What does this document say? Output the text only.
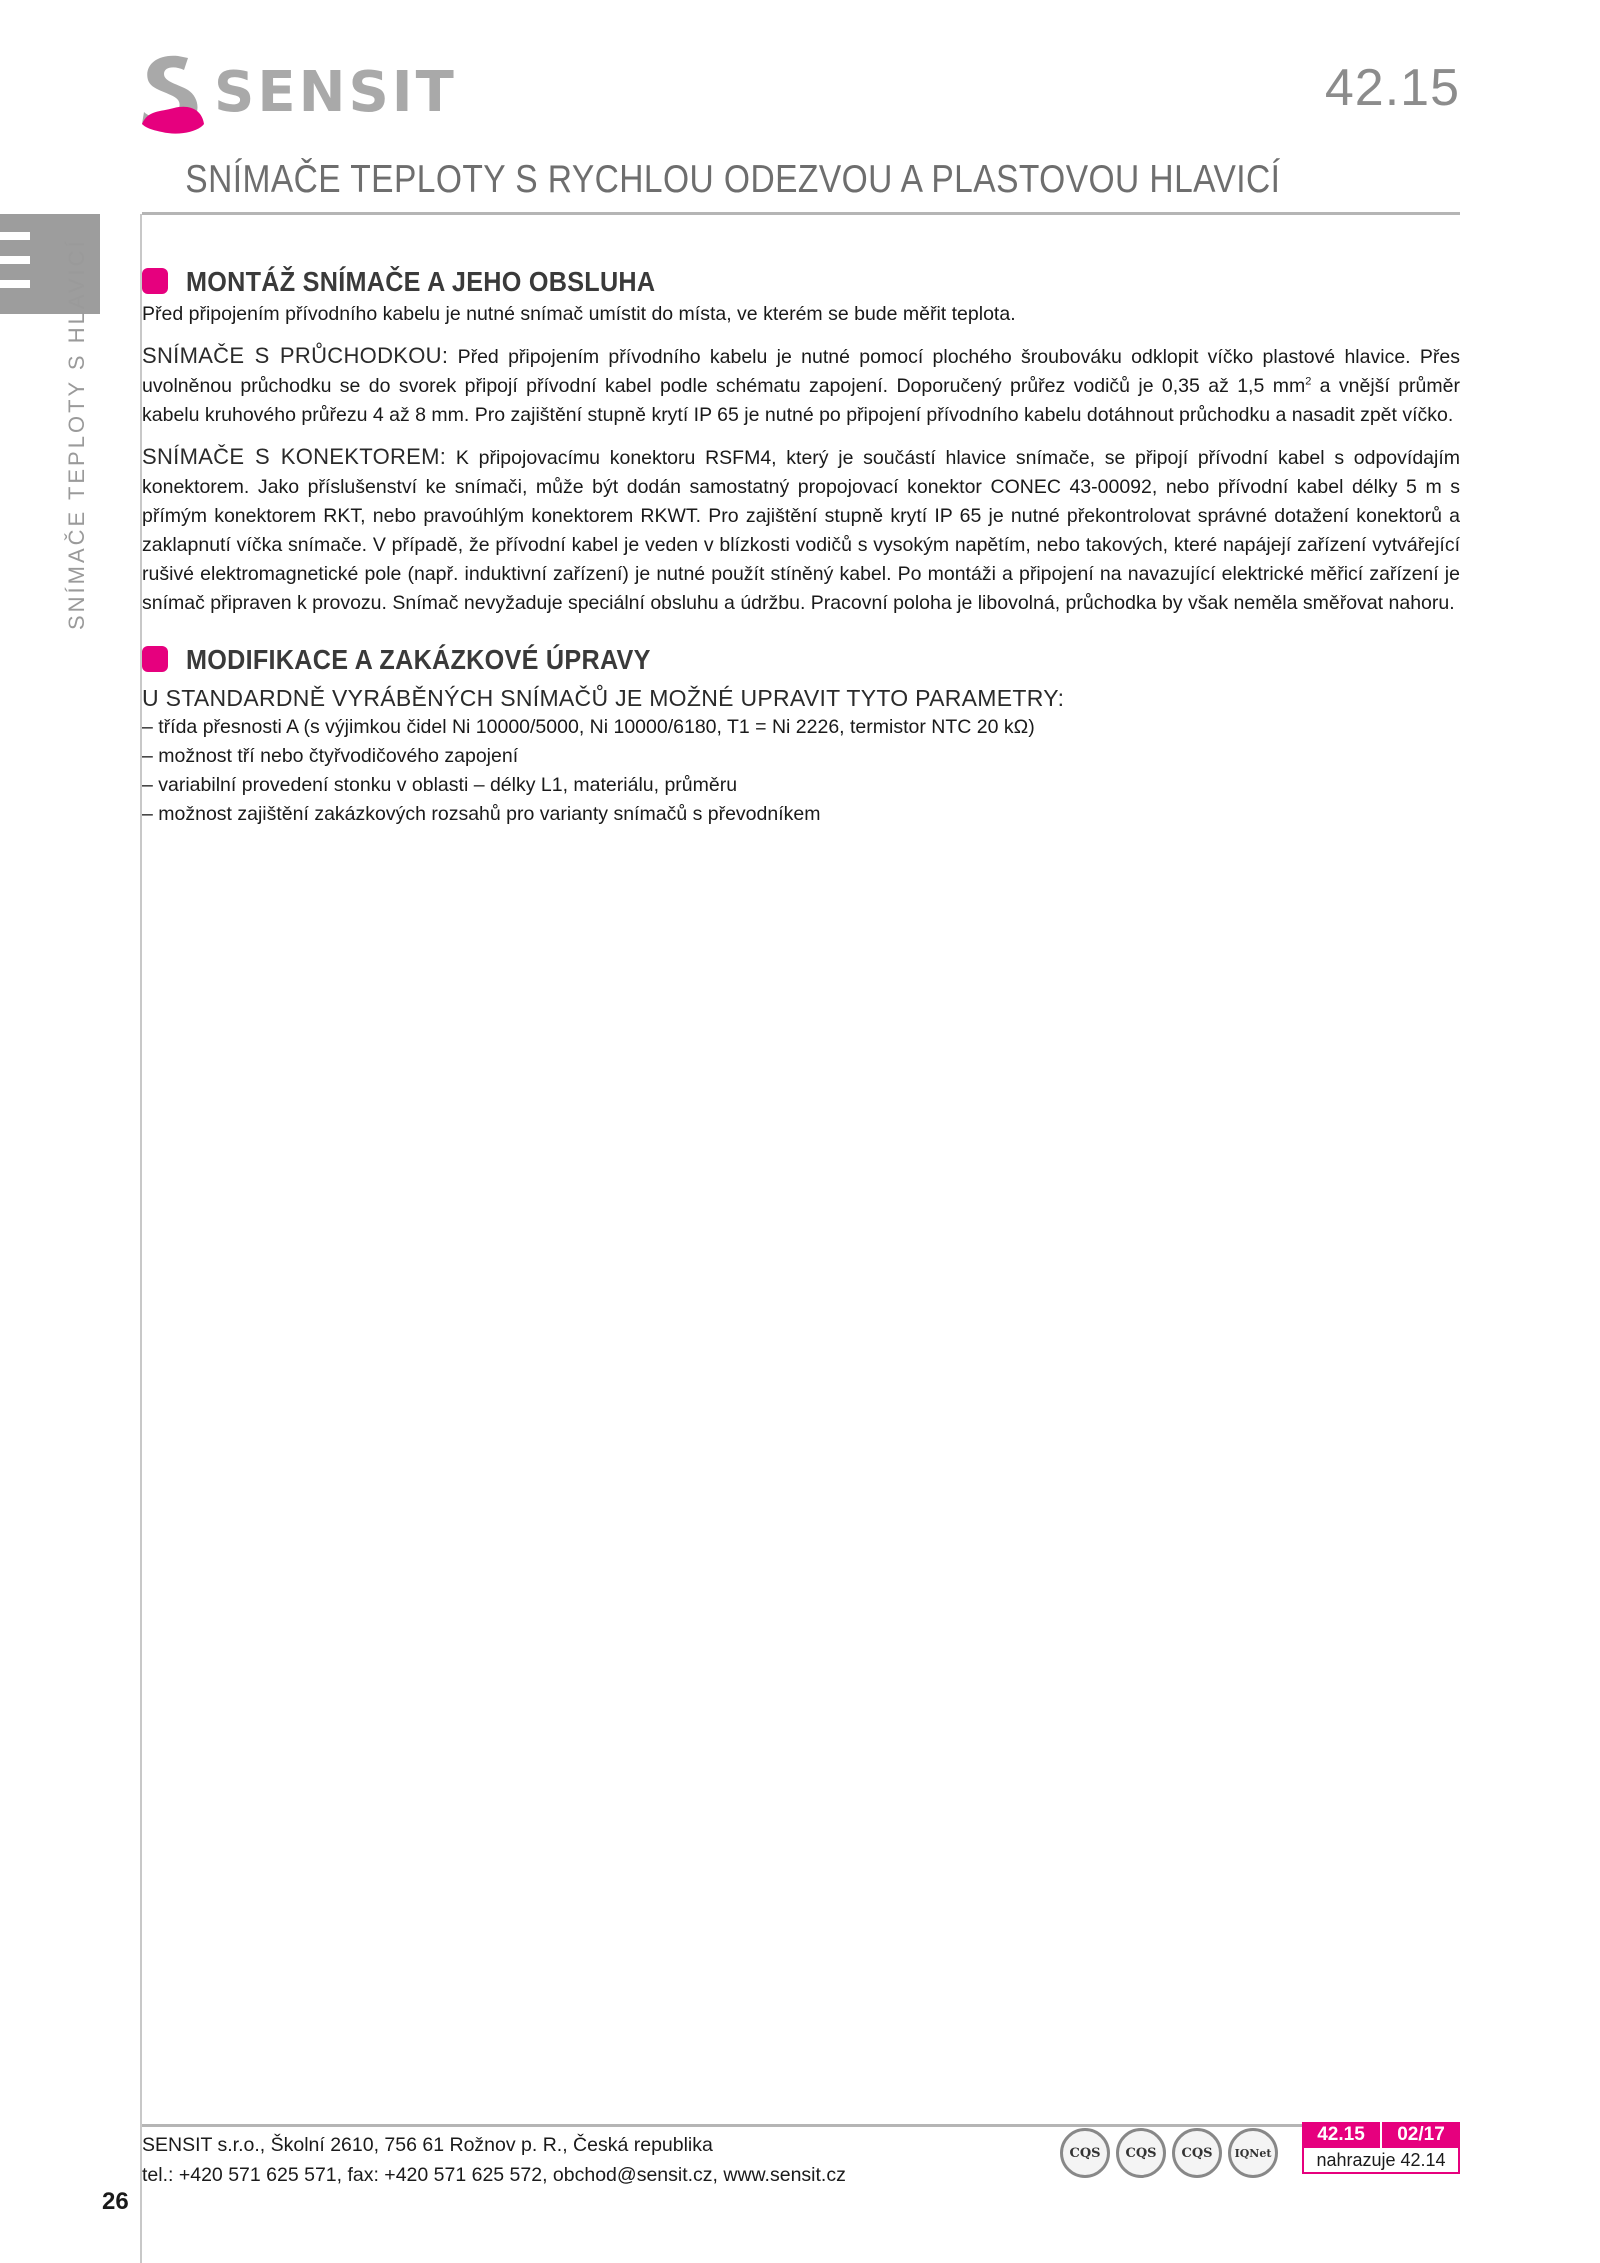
SENSIT	42.15
SNÍMAČE TEPLOTY S RYCHLOU ODEZVOU A PLASTOVOU HLAVICÍ
SNÍMAČE TEPLOTY S HLAVICÍ	MONTÁŽ SNÍMAČE A JEHO OBSLUHA

Před připojením přívodního kabelu je nutné snímač umístit do místa, ve kterém se bude měřit teplota.

SNÍMAČE S PRŮCHODKOU: Před připojením přívodního kabelu je nutné pomocí plochého šroubováku odklopit víčko plastové hlavice. Přes uvolněnou průchodku se do svorek připojí přívodní kabel podle schématu zapojení. Doporučený průřez vodičů je 0,35 až 1,5 $mm^2$ a vnější průměr kabelu kruhového průřezu 4 až 8 mm. Pro zajištění stupně krytí IP 65 je nutné po připojení přívodního kabelu dotáhnout průchodku a nasadit zpět víčko.

SNÍMAČE S KONEKTOREM: K připojovacímu konektoru RSFM4, který je součástí hlavice snímače, se připojí přívodní kabel s odpovídajím konektorem. Jako příslušenství ke snímači, může být dodán samostatný propojovací konektor CONEC 43-00092, nebo přívodní kabel délky 5 m s přímým konektorem RKT, nebo pravoúhlým konektorem RKWT. Pro zajištění stupně krytí IP 65 je nutné překontrolovat správné dotažení konektorů a zaklapnutí víčka snímače. V případě, že přívodní kabel je veden v blízkosti vodičů s vysokým napětím, nebo takových, které napájejí zařízení vytvářející rušivé elektromagnetické pole (např. induktivní zařízení) je nutné použít stíněný kabel. Po montáži a připojení na navazující elektrické měřicí zařízení je snímač připraven k provozu. Snímač nevyžaduje speciální obsluhu a údržbu. Pracovní poloha je libovolná, průchodka by však neměla směřovat nahoru.

MODIFIKACE A ZAKÁZKOVÉ ÚPRAVY

U STANDARDNĚ VYRÁBĚNÝCH SNÍMAČŮ JE MOŽNÉ UPRAVIT TYTO PARAMETRY:

– třída přesnosti A (s výjimkou čidel Ni 10000/5000, Ni 10000/6180, T1 = Ni 2226, termistor NTC 20 kΩ)

– možnost tří nebo čtyřvodičového zapojení

– variabilní provedení stonku v oblasti – délky L1, materiálu, průměru

– možnost zajištění zakázkových rozsahů pro varianty snímačů s převodníkem

SENSIT s.r.o., Školní 2610, 756 61 Rožnov p. R., Česká republika
tel.: +420 571 625 571, fax: +420 571 625 572, obchod@sensit.cz, www.sensit.cz
26
CQS	CQS	CQS	IQNet
42.15	02/17
nahrazuje 42.14
